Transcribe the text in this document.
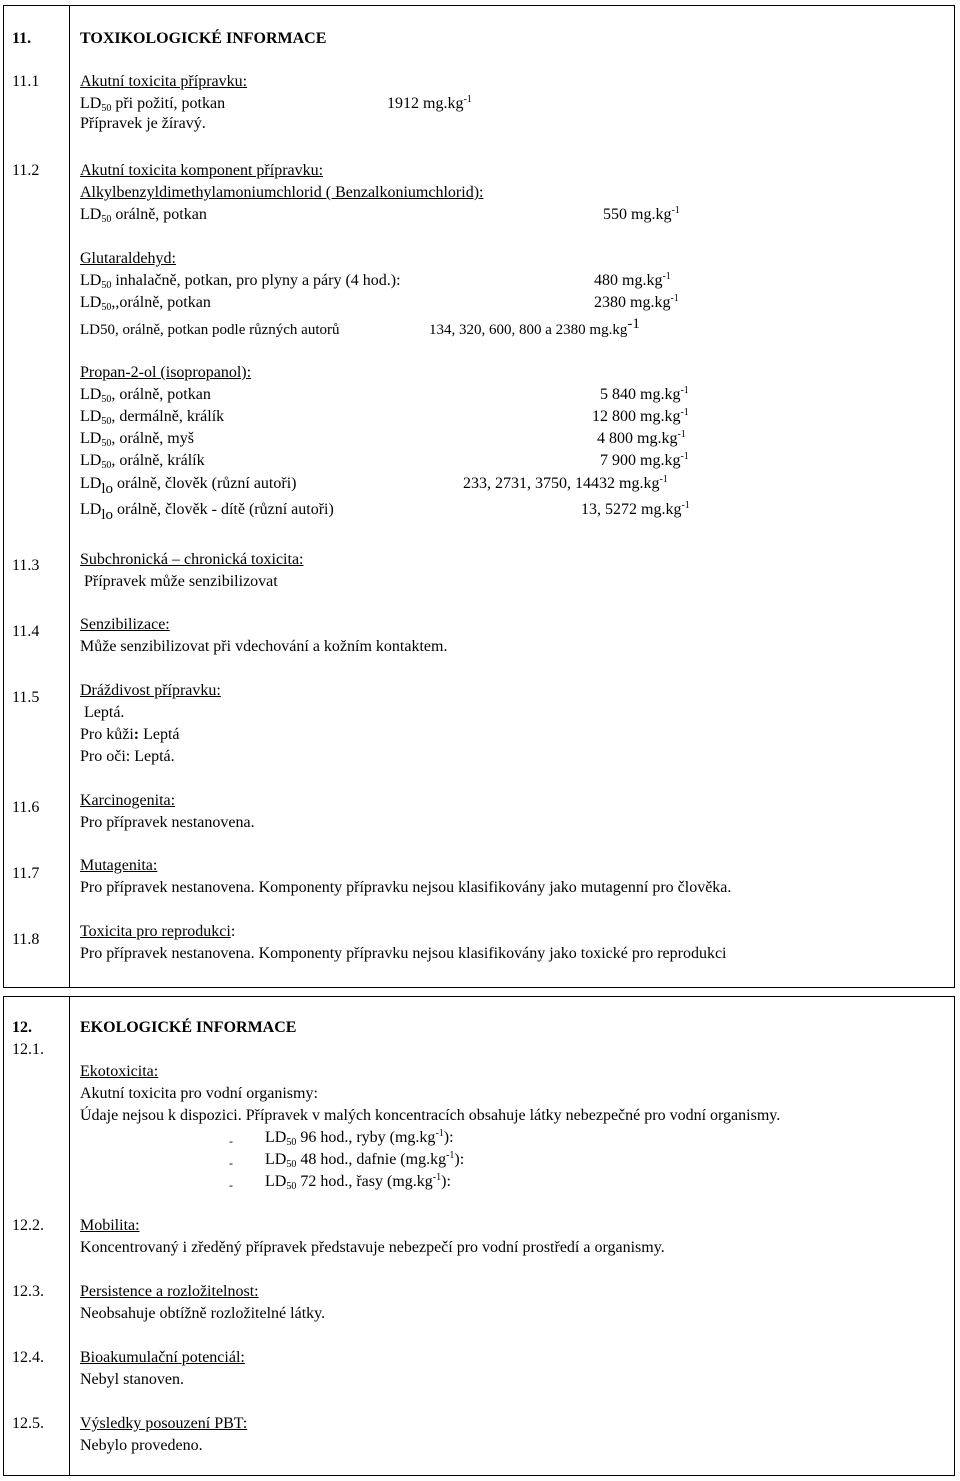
11.	TOXIKOLOGICKÉ INFORMACE
11.1	Akutní toxicita přípravku:
$LD_{50}$ při požití, potkan	1912 $mg.kg^{-1}$
Přípravek je žíravý.
11.2	Akutní toxicita komponent přípravku:
Alkylbenzyldimethylamoniumchlorid ( Benzalkoniumchlorid):
$LD_{50}$ orálně, potkan	550 $mg.kg^{-1}$
Glutaraldehyd:
$LD_{50}$ inhalačně, potkan, pro plyny a páry (4 hod.):	480 $mg.kg^{-1}$
$LD_{50},,orá\ln ě$, potkan	2380 $mg.kg^{-1}$
LD50, orálně, potkan podle různých autorů	134, 320, 600, 800 a 2380 mg.kg-1
Propan-2-ol (isopropanol):
$LD_{50}$, orálně, potkan	5 840 $mg.kg^{-1}$
$LD_{50}$, dermálně, králík	12 800 $mg.kg^{-1}$
$LD_{50}$, orálně, myš	4 800 $mg.kg^{-1}$
$LD_{50}$, orálně, králík	7 900 $mg.kg^{-1}$
LDlo orálně, člověk (různí autoři)	233, 2731, 3750, 14432 $mg.kg^{-1}$
LDlo orálně, člověk - dítě (různí autoři)	13, 5272 $mg.kg^{-1}$
11.3	Subchronická – chronická toxicita:
Přípravek může senzibilizovat
11.4	Senzibilizace:
Může senzibilizovat při vdechování a kožním kontaktem.
11.5	Dráždivost přípravku:
Leptá.
Pro kůži: Leptá
Pro oči: Leptá.
11.6	Karcinogenita:
Pro přípravek nestanovena.
11.7	Mutagenita:
Pro přípravek nestanovena. Komponenty přípravku nejsou klasifikovány jako mutagenní pro člověka.
11.8	Toxicita pro reprodukci:
Pro přípravek nestanovena. Komponenty přípravku nejsou klasifikovány jako toxické pro reprodukci
12.	EKOLOGICKÉ INFORMACE
12.1.
Ekotoxicita:
Akutní toxicita pro vodní organismy:
Údaje nejsou k dispozici. Přípravek v malých koncentracích obsahuje látky nebezpečné pro vodní organismy.
- $LD_{50}$ 96 hod., ryby $(mg.kg^{-1})$:
- $LD_{50}$ 48 hod., dafnie $(mg.kg^{-1})$:
- $LD_{50}$ 72 hod., řasy $(mg.kg^{-1})$:
12.2. Mobilita:
Koncentrovaný i zředěný přípravek představuje nebezpečí pro vodní prostředí a organismy.
12.3. Persistence a rozložitelnost:
Neobsahuje obtížně rozložitelné látky.
12.4. Bioakumulační potenciál:
Nebyl stanoven.
12.5. Výsledky posouzení PBT:
Nebylo provedeno.
